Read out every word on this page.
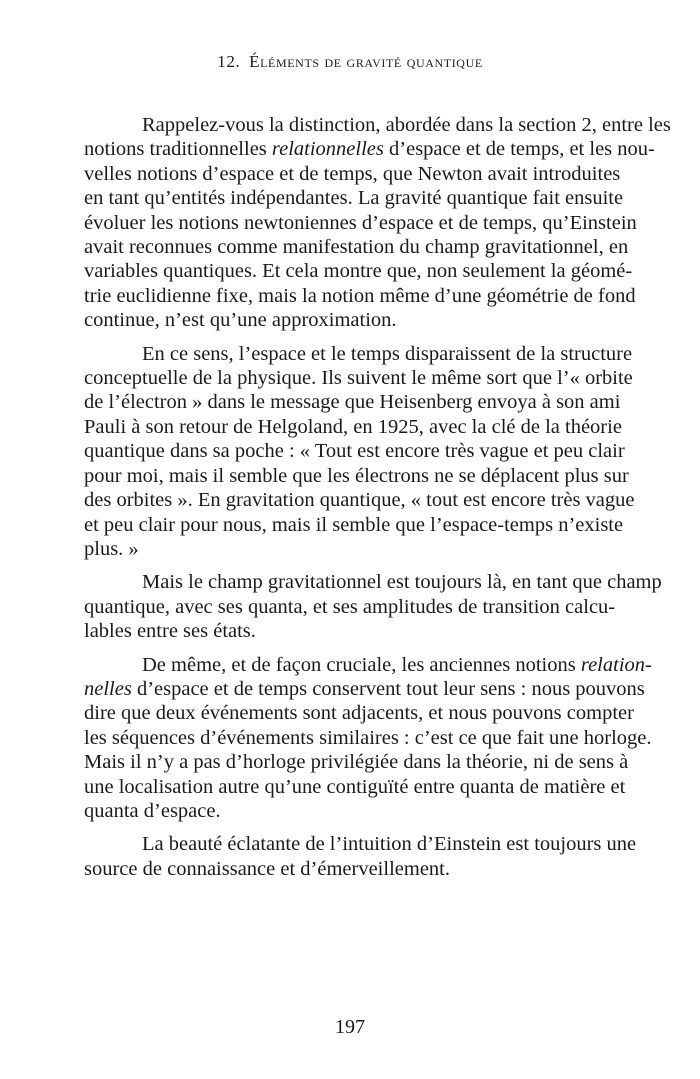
12. Éléments de gravité quantique
Rappelez-vous la distinction, abordée dans la section 2, entre les
notions traditionnelles relationnelles d’espace et de temps, et les nou-
velles notions d’espace et de temps, que Newton avait introduites
en tant qu’entités indépendantes. La gravité quantique fait ensuite
évoluer les notions newtoniennes d’espace et de temps, qu’Einstein
avait reconnues comme manifestation du champ gravitationnel, en
variables quantiques. Et cela montre que, non seulement la géomé-
trie euclidienne fixe, mais la notion même d’une géométrie de fond
continue, n’est qu’une approximation.
En ce sens, l’espace et le temps disparaissent de la structure
conceptuelle de la physique. Ils suivent le même sort que l’« orbite
de l’électron » dans le message que Heisenberg envoya à son ami
Pauli à son retour de Helgoland, en 1925, avec la clé de la théorie
quantique dans sa poche : « Tout est encore très vague et peu clair
pour moi, mais il semble que les électrons ne se déplacent plus sur
des orbites ». En gravitation quantique, « tout est encore très vague
et peu clair pour nous, mais il semble que l’espace-temps n’existe
plus. »
Mais le champ gravitationnel est toujours là, en tant que champ
quantique, avec ses quanta, et ses amplitudes de transition calcu-
lables entre ses états.
De même, et de façon cruciale, les anciennes notions relation-
nelles d’espace et de temps conservent tout leur sens : nous pouvons
dire que deux événements sont adjacents, et nous pouvons compter
les séquences d’événements similaires : c’est ce que fait une horloge.
Mais il n’y a pas d’horloge privilégiée dans la théorie, ni de sens à
une localisation autre qu’une contiguïté entre quanta de matière et
quanta d’espace.
La beauté éclatante de l’intuition d’Einstein est toujours une
source de connaissance et d’émerveillement.
197
